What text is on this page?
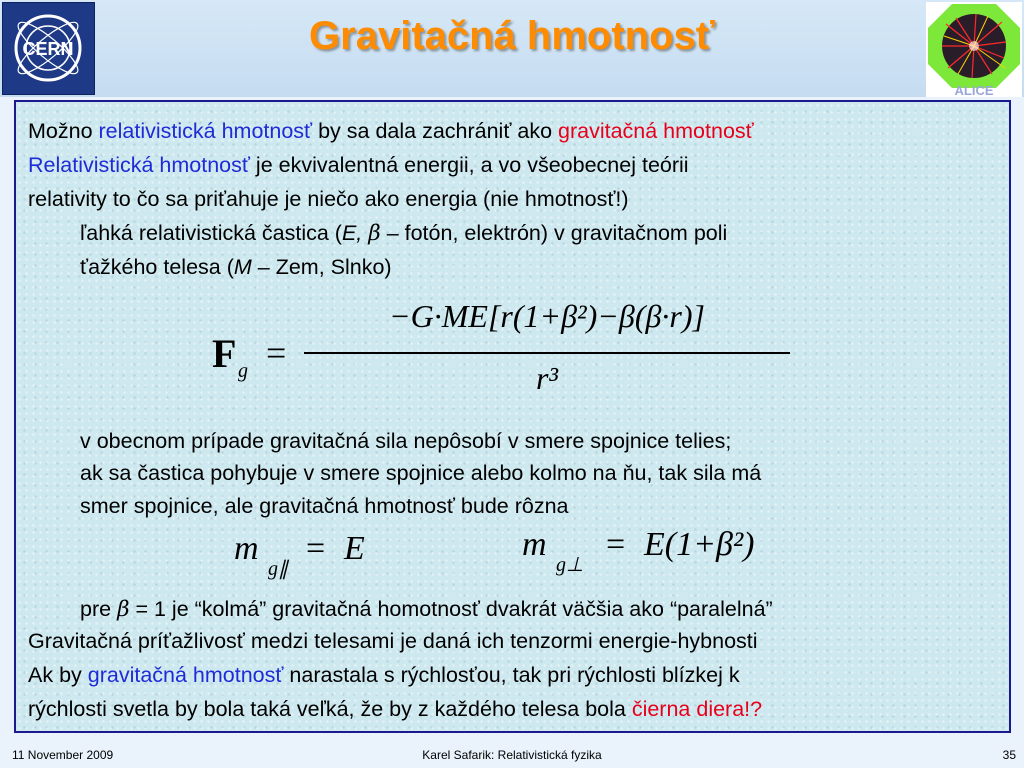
CERN	Gravitačná hmotnosť
ALICE
Možno relativistická hmotnosť by sa dala zachrániť ako gravitačná hmotnosť
Relativistická hmotnosť je ekvivalentná energii, a vo všeobecnej teórii
relativity to čo sa priťahuje je niečo ako energia (nie hmotnosť!)
ľahká relativistická častica (E, β – fotón, elektrón) v gravitačnom poli
ťažkého telesa (M – Zem, Slnko)
F g =
−G·ME[r(1+β²)−β(β·r)]
r³
v obecnom prípade gravitačná sila nepôsobí v smere spojnice telies;
ak sa častica pohybuje v smere spojnice alebo kolmo na ňu, tak sila má
smer spojnice, ale gravitačná hmotnosť bude rôzna
m
g∥
= E	m
g⊥
= E(1+β²)
pre β = 1 je “kolmá” gravitačná homotnosť dvakrát väčšia ako “paralelná”
Gravitačná príťažlivosť medzi telesami je daná ich tenzormi energie-hybnosti
Ak by gravitačná hmotnosť narastala s rýchlosťou, tak pri rýchlosti blízkej k
rýchlosti svetla by bola taká veľká, že by z každého telesa bola čierna diera!?
11 November 2009	Karel Safarik: Relativistická fyzika	35
